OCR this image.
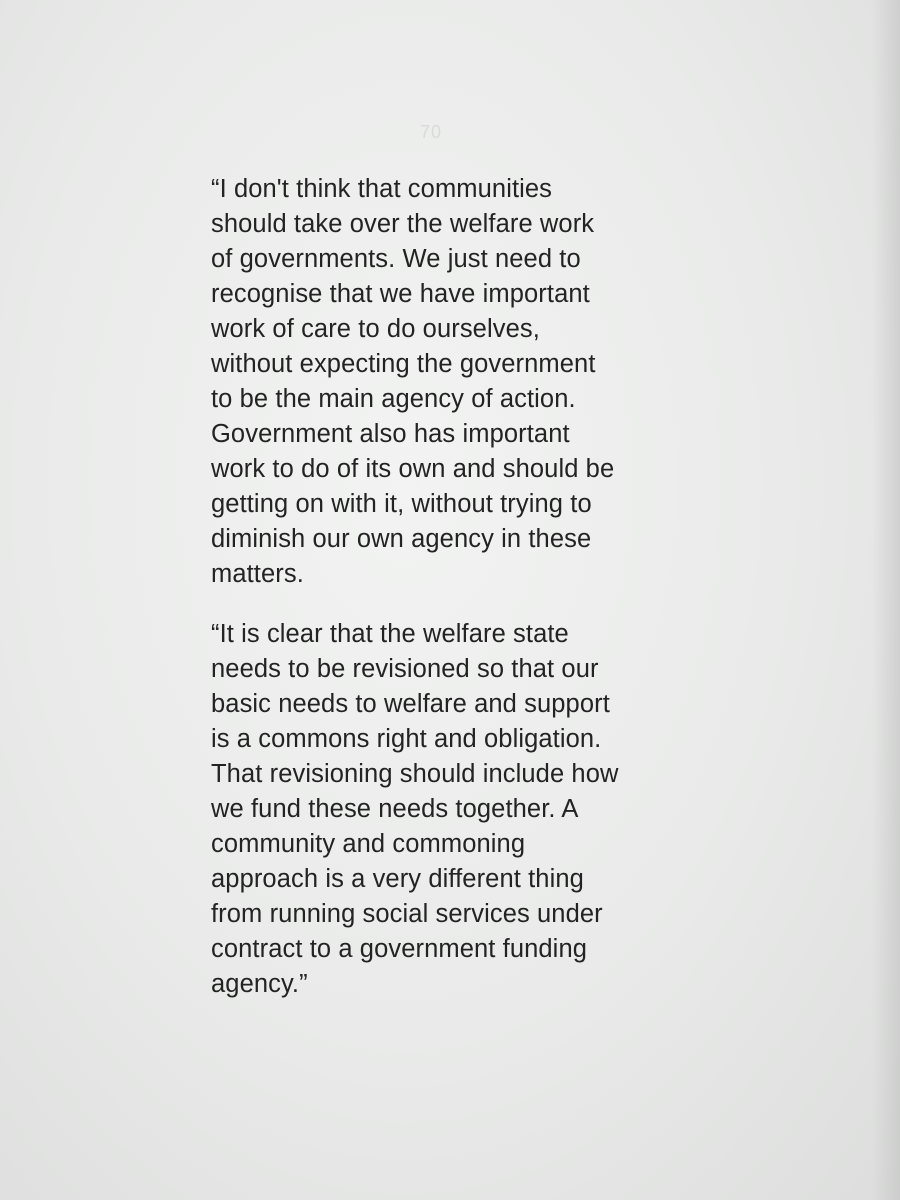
70
“I don't think that communities
should take over the welfare work
of governments. We just need to
recognise that we have important
work of care to do ourselves,
without expecting the government
to be the main agency of action.
Government also has important
work to do of its own and should be
getting on with it, without trying to
diminish our own agency in these
matters.
“It is clear that the welfare state
needs to be revisioned so that our
basic needs to welfare and support
is a commons right and obligation.
That revisioning should include how
we fund these needs together. A
community and commoning
approach is a very different thing
from running social services under
contract to a government funding
agency.”
